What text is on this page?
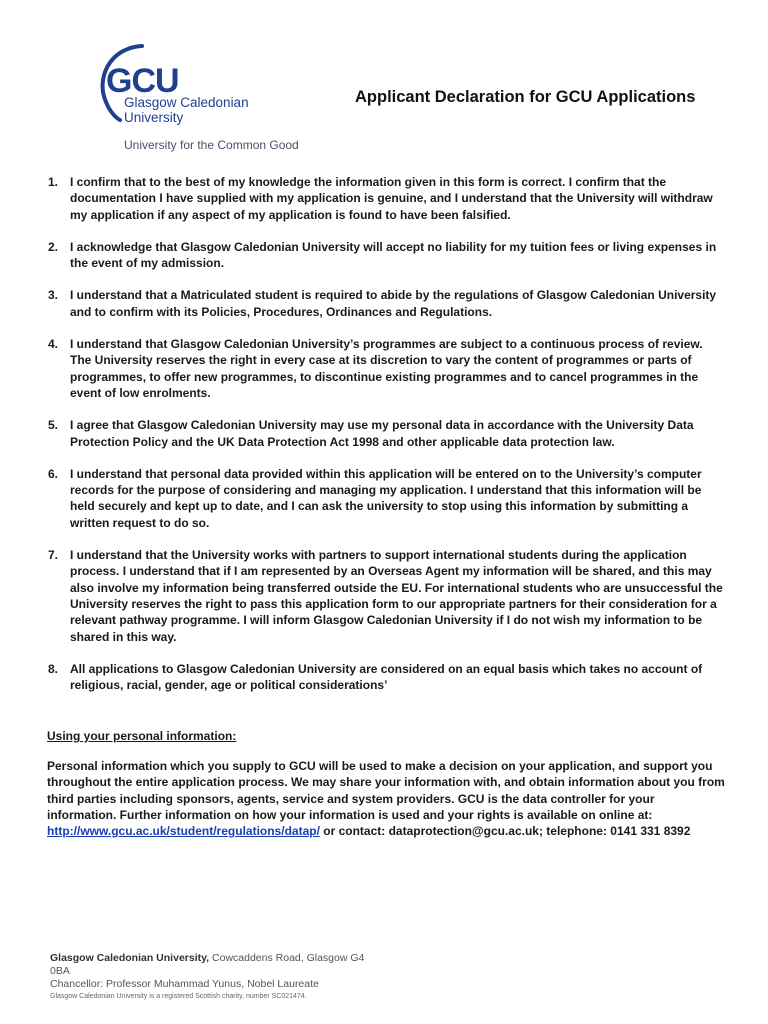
GCU
Glasgow Caledonian
University
University for the Common Good
Applicant Declaration for GCU Applications
1. I confirm that to the best of my knowledge the information given in this form is correct. I confirm that the documentation I have supplied with my application is genuine, and I understand that the University will withdraw my application if any aspect of my application is found to have been falsified.
2. I acknowledge that Glasgow Caledonian University will accept no liability for my tuition fees or living expenses in the event of my admission.
3. I understand that a Matriculated student is required to abide by the regulations of Glasgow Caledonian University and to confirm with its Policies, Procedures, Ordinances and Regulations.
4. I understand that Glasgow Caledonian University’s programmes are subject to a continuous process of review. The University reserves the right in every case at its discretion to vary the content of programmes or parts of programmes, to offer new programmes, to discontinue existing programmes and to cancel programmes in the event of low enrolments.
5. I agree that Glasgow Caledonian University may use my personal data in accordance with the University Data Protection Policy and the UK Data Protection Act 1998 and other applicable data protection law.
6. I understand that personal data provided within this application will be entered on to the University’s computer records for the purpose of considering and managing my application. I understand that this information will be held securely and kept up to date, and I can ask the university to stop using this information by submitting a written request to do so.
7. I understand that the University works with partners to support international students during the application process. I understand that if I am represented by an Overseas Agent my information will be shared, and this may also involve my information being transferred outside the EU. For international students who are unsuccessful the University reserves the right to pass this application form to our appropriate partners for their consideration for a relevant pathway programme. I will inform Glasgow Caledonian University if I do not wish my information to be shared in this way.
8. All applications to Glasgow Caledonian University are considered on an equal basis which takes no account of religious, racial, gender, age or political considerations’

Using your personal information:

Personal information which you supply to GCU will be used to make a decision on your application, and support you throughout the entire application process. We may share your information with, and obtain information about you from third parties including sponsors, agents, service and system providers. GCU is the data controller for your information. Further information on how your information is used and your rights is available on online at: http://www.gcu.ac.uk/student/regulations/datap/ or contact: dataprotection@gcu.ac.uk; telephone: 0141 331 8392

Glasgow Caledonian University, Cowcaddens Road, Glasgow G4 0BA
Chancellor: Professor Muhammad Yunus, Nobel Laureate
Glasgow Caledonian University is a registered Scottish charity, number SC021474.
